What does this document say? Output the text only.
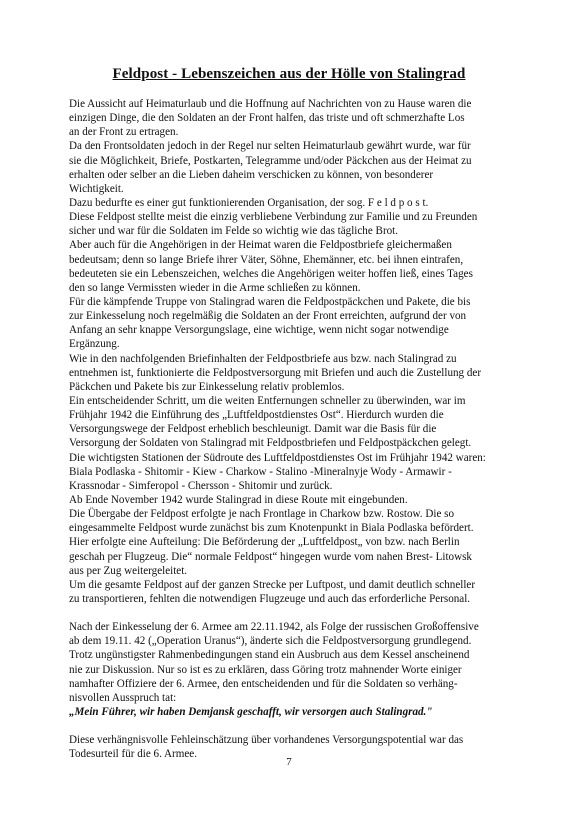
Feldpost - Lebenszeichen aus der Hölle von Stalingrad
Die Aussicht auf Heimaturlaub und die Hoffnung auf Nachrichten von zu Hause waren die
einzigen Dinge, die den Soldaten an der Front halfen, das triste und oft schmerzhafte Los
an der Front zu ertragen.
Da den Frontsoldaten jedoch in der Regel nur selten Heimaturlaub gewährt wurde, war für
sie die Möglichkeit, Briefe, Postkarten, Telegramme und/oder Päckchen aus der Heimat zu
erhalten oder selber an die Lieben daheim verschicken zu können, von besonderer
Wichtigkeit.
Dazu bedurfte es einer gut funktionierenden Organisation, der sog. F e l d p o s t.
Diese Feldpost stellte meist die einzig verbliebene Verbindung zur Familie und zu Freunden
sicher und war für die Soldaten im Felde so wichtig wie das tägliche Brot.
Aber auch für die Angehörigen in der Heimat waren die Feldpostbriefe gleichermaßen
bedeutsam; denn so lange Briefe ihrer Väter, Söhne, Ehemänner, etc. bei ihnen eintrafen,
bedeuteten sie ein Lebenszeichen, welches die Angehörigen weiter hoffen ließ, eines Tages
den so lange Vermissten wieder in die Arme schließen zu können.
Für die kämpfende Truppe von Stalingrad waren die Feldpostpäckchen und Pakete, die bis
zur Einkesselung noch regelmäßig die Soldaten an der Front erreichten, aufgrund der von
Anfang an sehr knappe Versorgungslage, eine wichtige, wenn nicht sogar notwendige
Ergänzung.
Wie in den nachfolgenden Briefinhalten der Feldpostbriefe aus bzw. nach Stalingrad zu
entnehmen ist, funktionierte die Feldpostversorgung mit Briefen und auch die Zustellung der
Päckchen und Pakete bis zur Einkesselung relativ problemlos.
Ein entscheidender Schritt, um die weiten Entfernungen schneller zu überwinden, war im
Frühjahr 1942 die Einführung des „Luftfeldpostdienstes Ost“. Hierdurch wurden die
Versorgungswege der Feldpost erheblich beschleunigt. Damit war die Basis für die
Versorgung der Soldaten von Stalingrad mit Feldpostbriefen und Feldpostpäckchen gelegt.
Die wichtigsten Stationen der Südroute des Luftfeldpostdienstes Ost im Frühjahr 1942 waren:
Biala Podlaska - Shitomir - Kiew - Charkow - Stalino -Mineralnyje Wody - Armawir -
Krassnodar - Simferopol - Chersson - Shitomir und zurück.
Ab Ende November 1942 wurde Stalingrad in diese Route mit eingebunden.
Die Übergabe der Feldpost erfolgte je nach Frontlage in Charkow bzw. Rostow. Die so
eingesammelte Feldpost wurde zunächst bis zum Knotenpunkt in Biala Podlaska befördert.
Hier erfolgte eine Aufteilung: Die Beförderung der „Luftfeldpost„ von bzw. nach Berlin
geschah per Flugzeug. Die“ normale Feldpost“ hingegen wurde vom nahen Brest- Litowsk
aus per Zug weitergeleitet.
Um die gesamte Feldpost auf der ganzen Strecke per Luftpost, und damit deutlich schneller
zu transportieren, fehlten die notwendigen Flugzeuge und auch das erforderliche Personal.
Nach der Einkesselung der 6. Armee am 22.11.1942, als Folge der russischen Großoffensive
ab dem 19.11. 42 („Operation Uranus“), änderte sich die Feldpostversorgung grundlegend.
Trotz ungünstigster Rahmenbedingungen stand ein Ausbruch aus dem Kessel anscheinend
nie zur Diskussion. Nur so ist es zu erklären, dass Göring trotz mahnender Worte einiger
namhafter Offiziere der 6. Armee, den entscheidenden und für die Soldaten so verhäng-
nisvollen Ausspruch tat:
„Mein Führer, wir haben Demjansk geschafft, wir versorgen auch Stalingrad."
Diese verhängnisvolle Fehleinschätzung über vorhandenes Versorgungspotential war das
Todesurteil für die 6. Armee.
7
